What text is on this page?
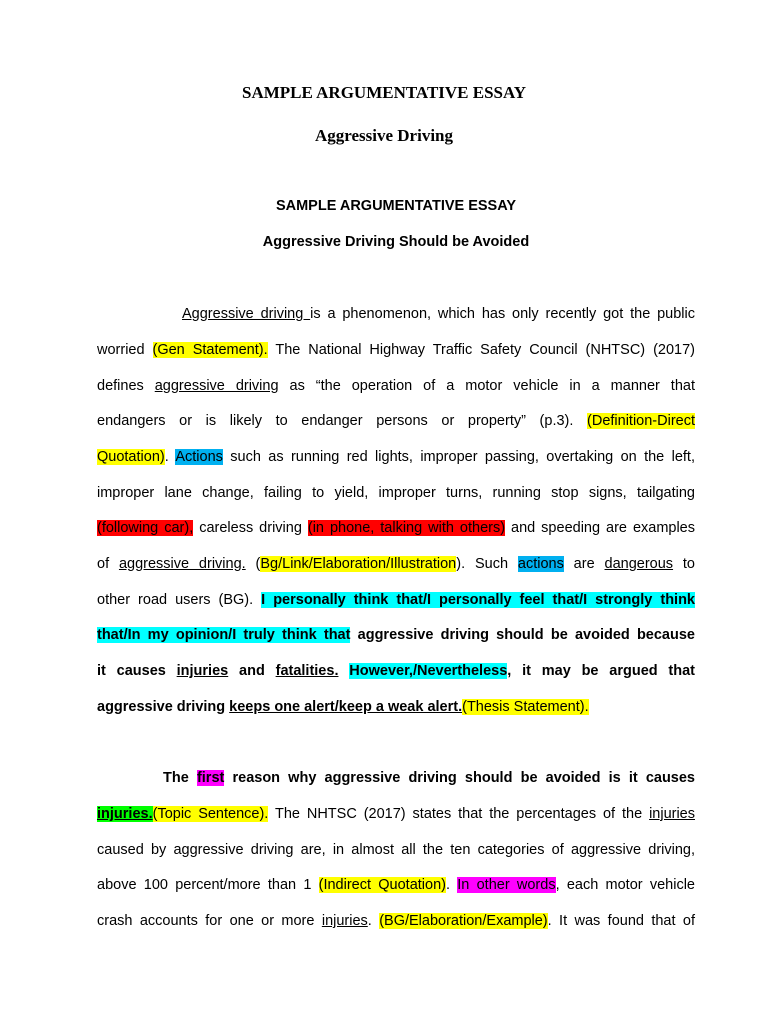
SAMPLE ARGUMENTATIVE ESSAY
Aggressive Driving
SAMPLE ARGUMENTATIVE ESSAY
Aggressive Driving Should be Avoided
Aggressive driving is a phenomenon, which has only recently got the public
worried (Gen Statement). The National Highway Traffic Safety Council (NHTSC) (2017)
defines aggressive driving as “the operation of a motor vehicle in a manner that
endangers or is likely to endanger persons or property” (p.3). (Definition-Direct
Quotation). Actions such as running red lights, improper passing, overtaking on the left,
improper lane change, failing to yield, improper turns, running stop signs, tailgating
(following car), careless driving (in phone, talking with others) and speeding are examples
of aggressive driving. (Bg/Link/Elaboration/Illustration). Such actions are dangerous to
other road users (BG). I personally think that/I personally feel that/I strongly think
that/In my opinion/I truly think that aggressive driving should be avoided because
it causes injuries and fatalities. However,/Nevertheless, it may be argued that
aggressive driving keeps one alert/keep a weak alert.(Thesis Statement).
The first reason why aggressive driving should be avoided is it causes
injuries.(Topic Sentence). The NHTSC (2017) states that the percentages of the injuries
caused by aggressive driving are, in almost all the ten categories of aggressive driving,
above 100 percent/more than 1 (Indirect Quotation). In other words, each motor vehicle
crash accounts for one or more injuries. (BG/Elaboration/Example). It was found that of
